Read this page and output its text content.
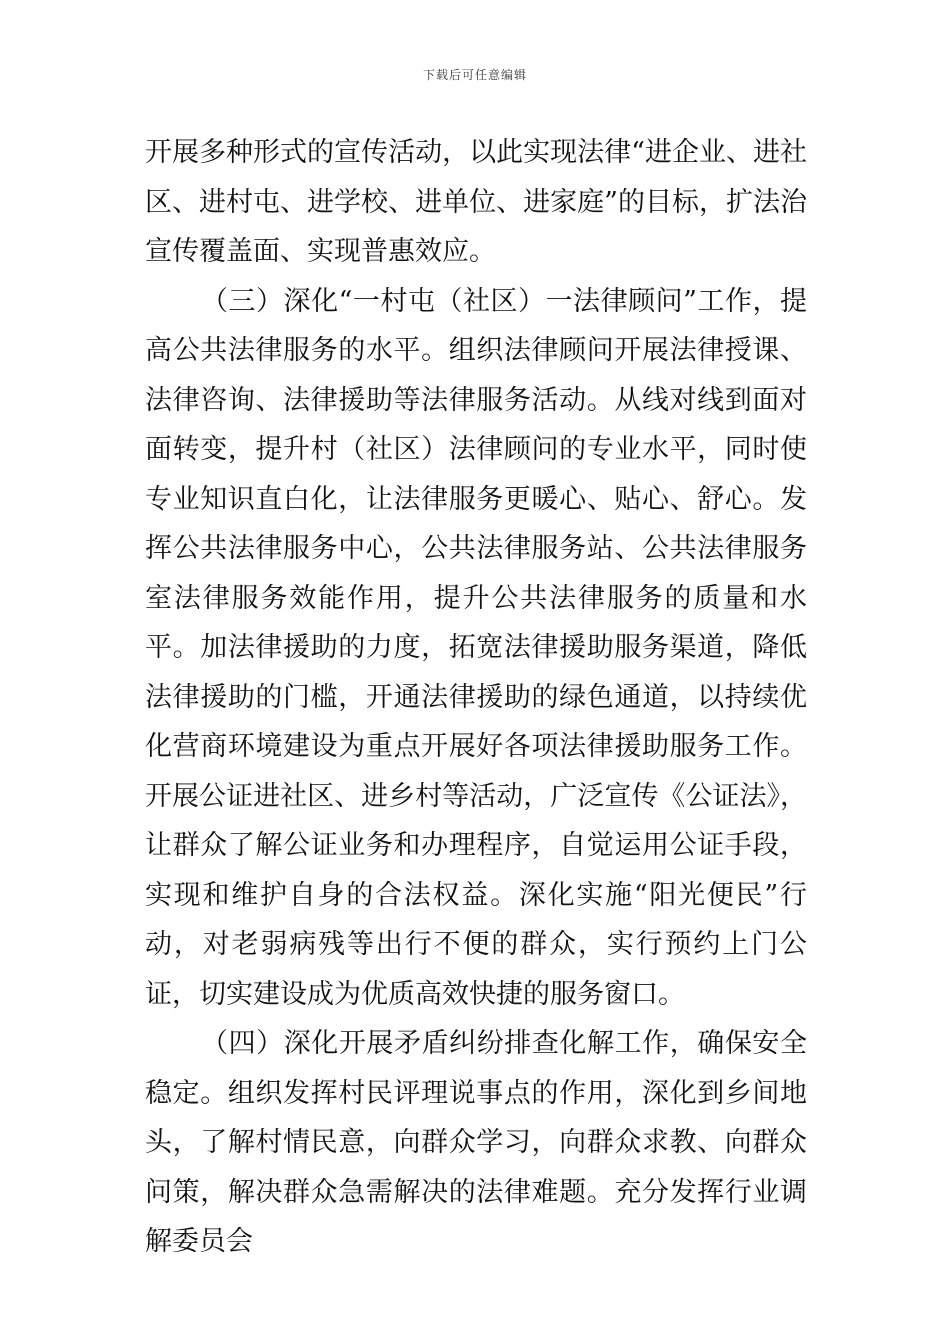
下载后可任意编辑

开展多种形式的宣传活动，以此实现法律“进企业、进社区、进村屯、进学校、进单位、进家庭”的目标，扩法治宣传覆盖面、实现普惠效应。

（三）深化“一村屯（社区）一法律顾问”工作，提高公共法律服务的水平。组织法律顾问开展法律授课、法律咨询、法律援助等法律服务活动。从线对线到面对面转变，提升村（社区）法律顾问的专业水平，同时使专业知识直白化，让法律服务更暖心、贴心、舒心。发挥公共法律服务中心，公共法律服务站、公共法律服务室法律服务效能作用，提升公共法律服务的质量和水平。加法律援助的力度，拓宽法律援助服务渠道，降低法律援助的门槛，开通法律援助的绿色通道，以持续优化营商环境建设为重点开展好各项法律援助服务工作。开展公证进社区、进乡村等活动，广泛宣传《公证法》，让群众了解公证业务和办理程序，自觉运用公证手段，实现和维护自身的合法权益。深化实施“阳光便民”行动，对老弱病残等出行不便的群众，实行预约上门公证，切实建设成为优质高效快捷的服务窗口。

（四）深化开展矛盾纠纷排查化解工作，确保安全稳定。组织发挥村民评理说事点的作用，深化到乡间地头，了解村情民意，向群众学习，向群众求教、向群众问策，解决群众急需解决的法律难题。充分发挥行业调解委员会
